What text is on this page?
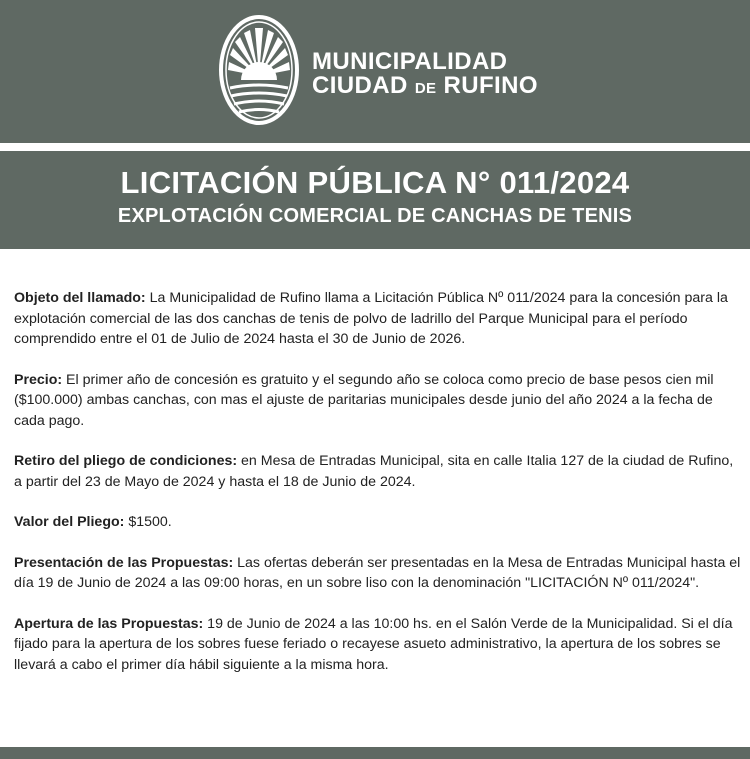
MUNICIPALIDAD
CIUDAD DE RUFINO
LICITACIÓN PÚBLICA N° 011/2024
EXPLOTACIÓN COMERCIAL DE CANCHAS DE TENIS

Objeto del llamado: La Municipalidad de Rufino llama a Licitación Pública Nº 011/2024 para la concesión para la explotación comercial de las dos canchas de tenis de polvo de ladrillo del Parque Municipal para el período comprendido entre el 01 de Julio de 2024 hasta el 30 de Junio de 2026.

Precio: El primer año de concesión es gratuito y el segundo año se coloca como precio de base pesos cien mil ($100.000) ambas canchas, con mas el ajuste de paritarias municipales desde junio del año 2024 a la fecha de cada pago.

Retiro del pliego de condiciones: en Mesa de Entradas Municipal, sita en calle Italia 127 de la ciudad de Rufino, a partir del 23 de Mayo de 2024 y hasta el 18 de Junio de 2024.

Valor del Pliego: $1500.

Presentación de las Propuestas: Las ofertas deberán ser presentadas en la Mesa de Entradas Municipal hasta el día 19 de Junio de 2024 a las 09:00 horas, en un sobre liso con la denominación "LICITACIÓN Nº 011/2024".

Apertura de las Propuestas: 19 de Junio de 2024 a las 10:00 hs. en el Salón Verde de la Municipalidad. Si el día fijado para la apertura de los sobres fuese feriado o recayese asueto administrativo, la apertura de los sobres se llevará a cabo el primer día hábil siguiente a la misma hora.
